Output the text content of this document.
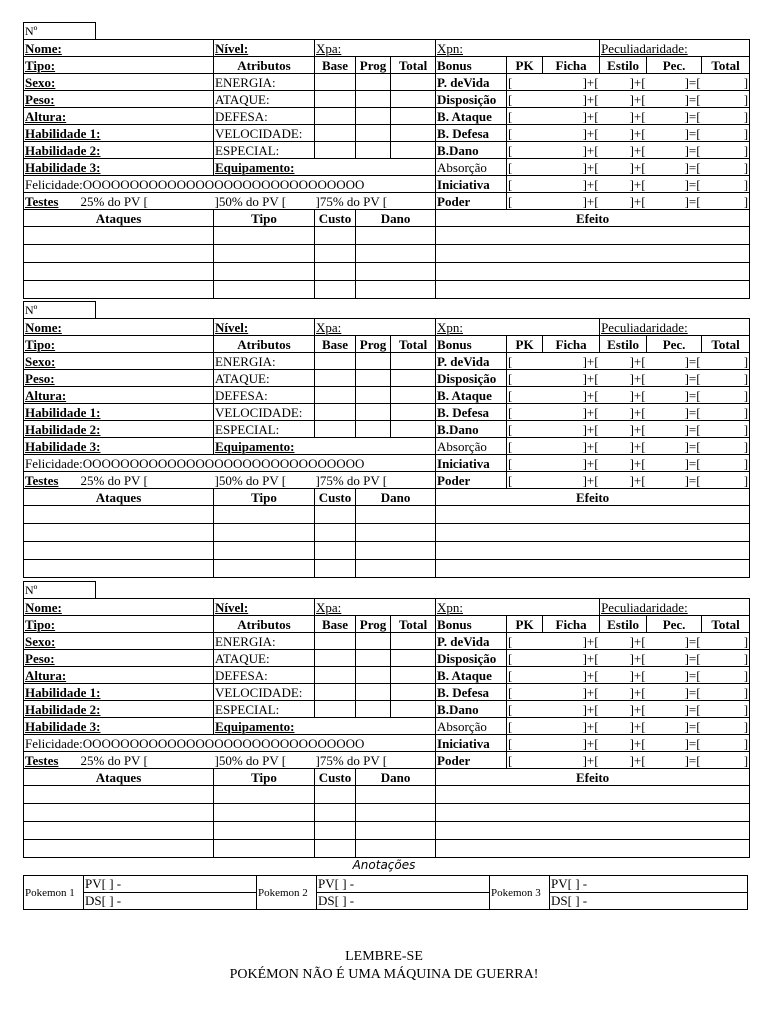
Nº
Nome:		Nível:	Xpa:			Xpn:			Peculiadaridade:		
Tipo:		Atributos	Base	Prog	Total	Bonus	PK	Ficha	Estilo	Pec.	Total
Sexo:		ENERGIA:				P. deVida	[	]+[	]+[	]=[	]
Peso:		ATAQUE:				Disposição	[	]+[	]+[	]=[	]
Altura:		DEFESA:				B. Ataque	[	]+[	]+[	]=[	]
Habilidade 1:		VELOCIDADE:				B. Defesa	[	]+[	]+[	]=[	]
Habilidade 2:		ESPECIAL:				B.Dano	[	]+[	]+[	]=[	]
Habilidade 3:		Equipamento:				Absorção	[	]+[	]+[	]=[	]
Felicidade:OOOOOOOOOOOOOOOOOOOOOOOOOOOOOO						Iniciativa	[	]+[	]+[	]=[	]
Testes	25% do PV [	]50% do PV [	]75% do PV [			Poder	[	]+[	]+[	]=[	]
Ataques		Tipo	Custo	Dano		Efeito					

Nº
Nome:		Nível:	Xpa:			Xpn:			Peculiadaridade:		
Tipo:		Atributos	Base	Prog	Total	Bonus	PK	Ficha	Estilo	Pec.	Total
Sexo:		ENERGIA:				P. deVida	[	]+[	]+[	]=[	]
Peso:		ATAQUE:				Disposição	[	]+[	]+[	]=[	]
Altura:		DEFESA:				B. Ataque	[	]+[	]+[	]=[	]
Habilidade 1:		VELOCIDADE:				B. Defesa	[	]+[	]+[	]=[	]
Habilidade 2:		ESPECIAL:				B.Dano	[	]+[	]+[	]=[	]
Habilidade 3:		Equipamento:				Absorção	[	]+[	]+[	]=[	]
Felicidade:OOOOOOOOOOOOOOOOOOOOOOOOOOOOOO						Iniciativa	[	]+[	]+[	]=[	]
Testes	25% do PV [	]50% do PV [	]75% do PV [			Poder	[	]+[	]+[	]=[	]
Ataques		Tipo	Custo	Dano		Efeito					

Nº
Nome:		Nível:	Xpa:			Xpn:			Peculiadaridade:		
Tipo:		Atributos	Base	Prog	Total	Bonus	PK	Ficha	Estilo	Pec.	Total
Sexo:		ENERGIA:				P. deVida	[	]+[	]+[	]=[	]
Peso:		ATAQUE:				Disposição	[	]+[	]+[	]=[	]
Altura:		DEFESA:				B. Ataque	[	]+[	]+[	]=[	]
Habilidade 1:		VELOCIDADE:				B. Defesa	[	]+[	]+[	]=[	]
Habilidade 2:		ESPECIAL:				B.Dano	[	]+[	]+[	]=[	]
Habilidade 3:		Equipamento:				Absorção	[	]+[	]+[	]=[	]
Felicidade:OOOOOOOOOOOOOOOOOOOOOOOOOOOOOO						Iniciativa	[	]+[	]+[	]=[	]
Testes	25% do PV [	]50% do PV [	]75% do PV [			Poder	[	]+[	]+[	]=[	]
Ataques		Tipo	Custo	Dano		Efeito					

Anotações
Pokemon 1	PV[ ] -	Pokemon 2	PV[ ] -	Pokemon 3	PV[ ] -
	DS[ ] -		DS[ ] -		DS[ ] -
LEMBRE-SE
POKÉMON NÃO É UMA MÁQUINA DE GUERRA!
